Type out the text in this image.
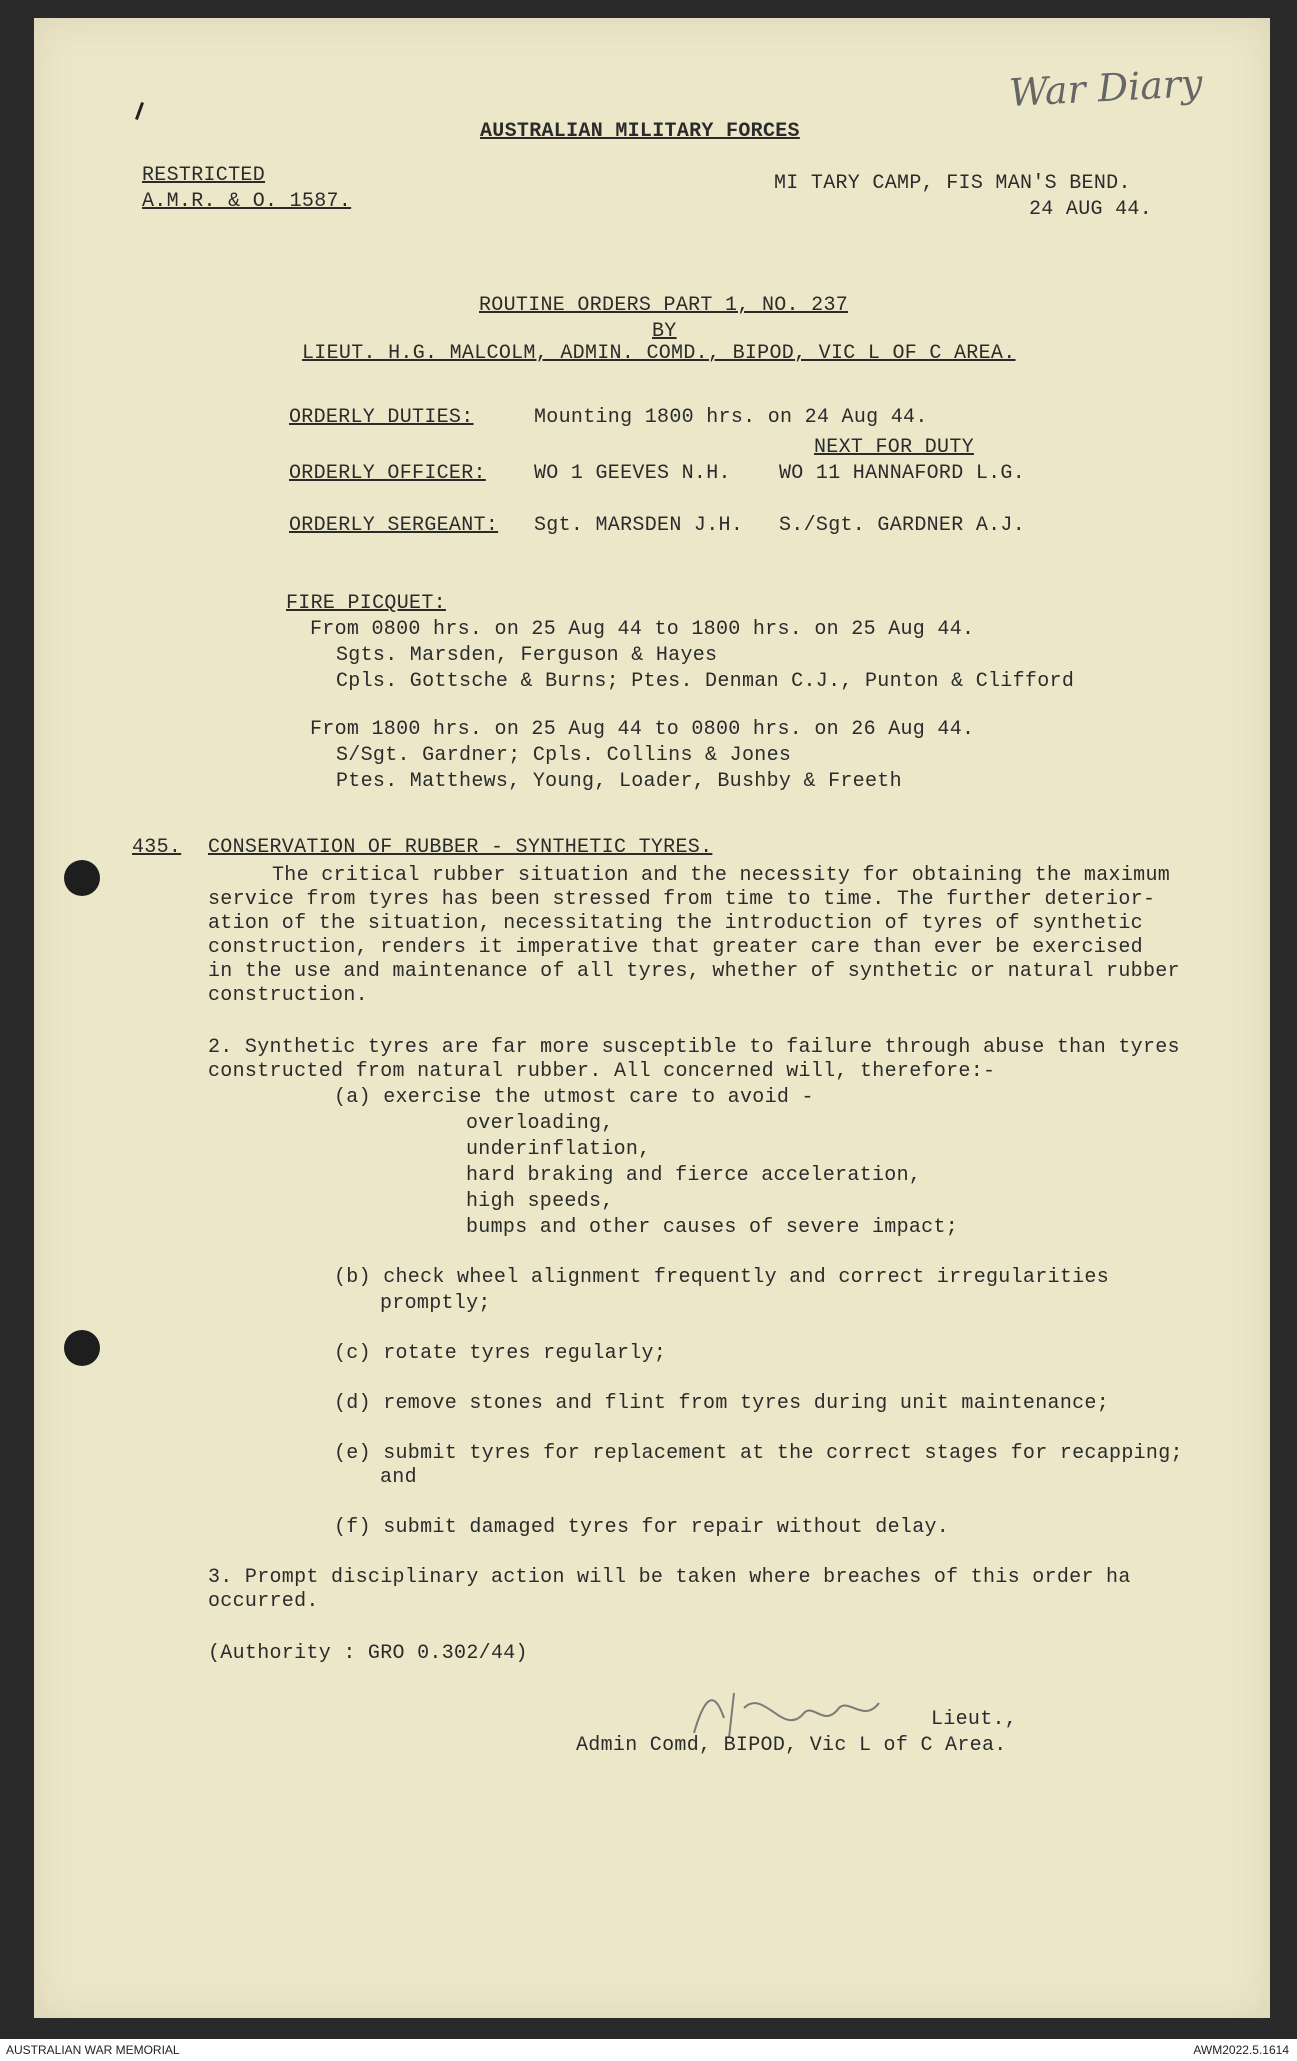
War Diary
AUSTRALIAN MILITARY FORCES
RESTRICTED
A.M.R. & O. 1587.
MI TARY CAMP, FIS MAN'S BEND.
24 AUG 44.
ROUTINE ORDERS PART 1, NO. 237
BY
LIEUT. H.G. MALCOLM, ADMIN. COMD., BIPOD, VIC L OF C AREA.
ORDERLY DUTIES:	Mounting 1800 hrs. on 24 Aug 44.
NEXT FOR DUTY
ORDERLY OFFICER: WO 1 GEEVES N.H. WO 11 HANNAFORD L.G.
ORDERLY SERGEANT: Sgt. MARSDEN J.H. S./Sgt. GARDNER A.J.
FIRE PICQUET:
From 0800 hrs. on 25 Aug 44 to 1800 hrs. on 25 Aug 44.
Sgts. Marsden, Ferguson & Hayes
Cpls. Gottsche & Burns; Ptes. Denman C.J., Punton & Clifford
From 1800 hrs. on 25 Aug 44 to 0800 hrs. on 26 Aug 44.
S/Sgt. Gardner; Cpls. Collins & Jones
Ptes. Matthews, Young, Loader, Bushby & Freeth
435. CONSERVATION OF RUBBER - SYNTHETIC TYRES.
The critical rubber situation and the necessity for obtaining the maximum
service from tyres has been stressed from time to time. The further deterior-
ation of the situation, necessitating the introduction of tyres of synthetic
construction, renders it imperative that greater care than ever be exercised
in the use and maintenance of all tyres, whether of synthetic or natural rubber
construction.
2. Synthetic tyres are far more susceptible to failure through abuse than tyres
constructed from natural rubber. All concerned will, therefore:-
(a) exercise the utmost care to avoid -
overloading,
underinflation,
hard braking and fierce acceleration,
high speeds,
bumps and other causes of severe impact;
(b) check wheel alignment frequently and correct irregularities
promptly;
(c) rotate tyres regularly;
(d) remove stones and flint from tyres during unit maintenance;
(e) submit tyres for replacement at the correct stages for recapping;
and
(f) submit damaged tyres for repair without delay.
3. Prompt disciplinary action will be taken where breaches of this order ha
occurred.
(Authority : GRO 0.302/44)
Lieut.,
Admin Comd, BIPOD, Vic L of C Area.
AUSTRALIAN WAR MEMORIAL	AWM2022.5.1614
